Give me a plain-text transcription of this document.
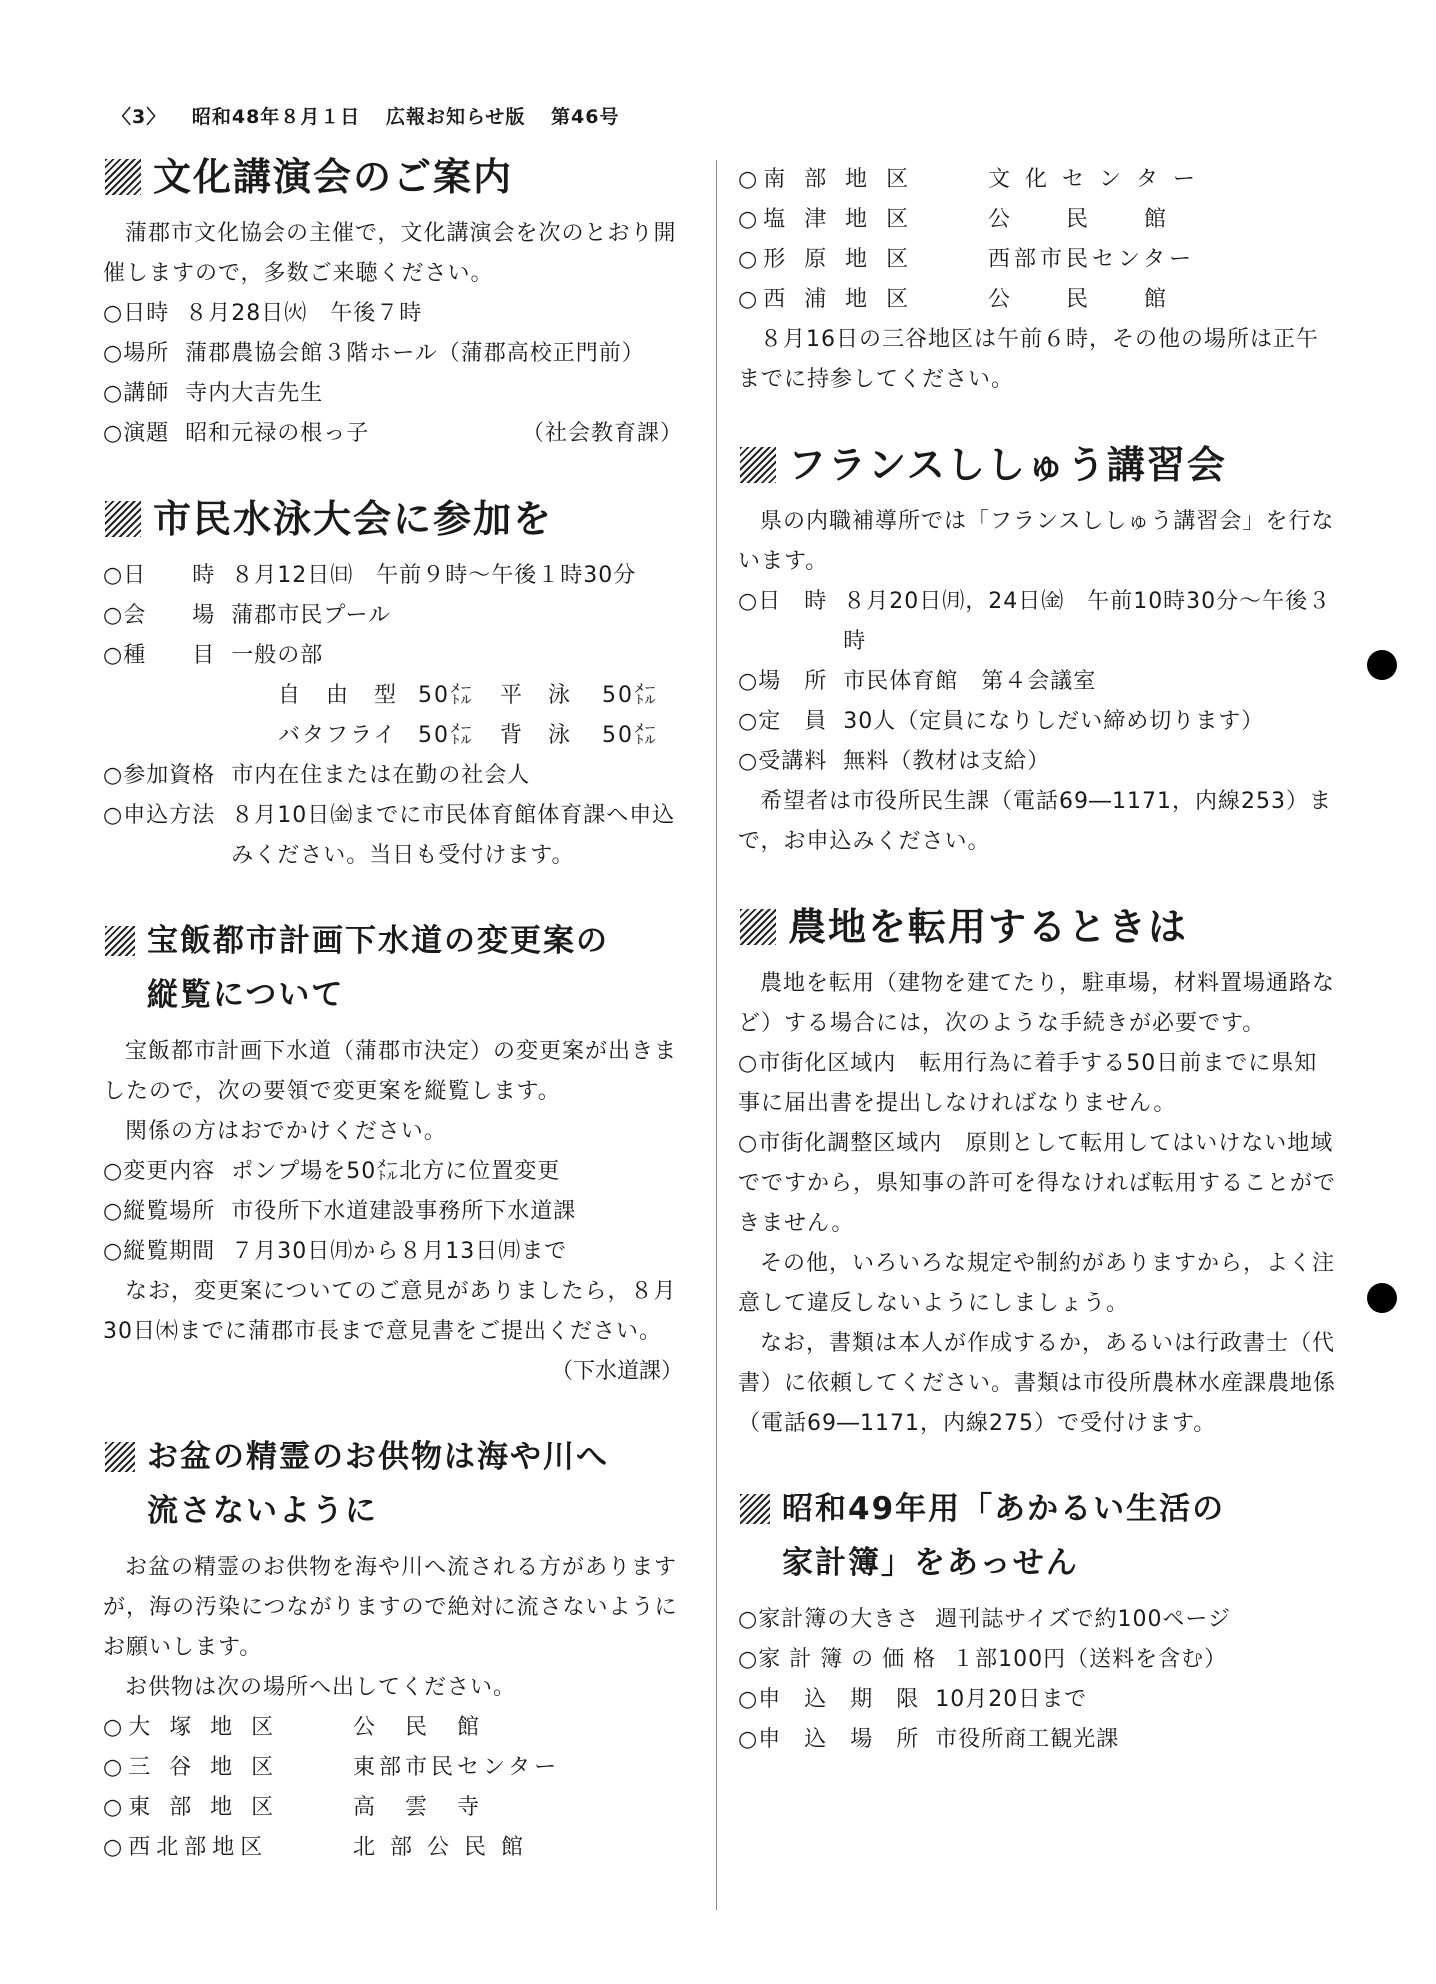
〈3〉 昭和48年８月１日 広報お知らせ版 第46号
文化講演会のご案内

蒲郡市文化協会の主催で，文化講演会を次のとおり開催しますので，多数ご来聴ください。

○日時 ８月28日㈫　午後７時
○場所 蒲郡農協会館３階ホール（蒲郡高校正門前）
○講師 寺内大吉先生
○演題 昭和元禄の根っ子	（社会教育課）
市民水泳大会に参加を
○日　　時 ８月12日㈰　午前９時～午後１時30分
○会　　場 蒲郡市民プール
○種　　目 一般の部
自　由　型 50㍍ 平　泳 50㍍
バタフライ 50㍍ 背　泳 50㍍
○参加資格 市内在住または在勤の社会人
○申込方法 ８月10日㈮までに市民体育館体育課へ申込みください。当日も受付けます。
宝飯都市計画下水道の変更案の
縦覧について

宝飯都市計画下水道（蒲郡市決定）の変更案が出きましたので，次の要領で変更案を縦覧します。

関係の方はおでかけください。

○変更内容 ポンプ場を50㍍北方に位置変更
○縦覧場所 市役所下水道建設事務所下水道課
○縦覧期間 ７月30日㈪から８月13日㈪まで

なお，変更案についてのご意見がありましたら，８月30日㈭までに蒲郡市長まで意見書をご提出ください。

（下水道課）
お盆の精霊のお供物は海や川へ
流さないように

お盆の精霊のお供物を海や川へ流される方がありますが，海の汚染につながりますので絶対に流さないようにお願いします。

お供物は次の場所へ出してください。

○大 塚 地 区	公　民　館
○三 谷 地 区	東部市民センター
○東 部 地 区	高　雲　寺
○西北部地区	北 部 公 民 館
○南 部 地 区	文 化 セ ン タ ー
○塩 津 地 区	公　　民　　館
○形 原 地 区	西部市民センター
○西 浦 地 区	公　　民　　館

８月16日の三谷地区は午前６時，その他の場所は正午までに持参してください。

フランスししゅう講習会

県の内職補導所では「フランスししゅう講習会」を行ないます。

○日　時 ８月20日㈪，24日㈮　午前10時30分～午後３時
○場　所 市民体育館　第４会議室
○定　員 30人（定員になりしだい締め切ります）
○受講料 無料（教材は支給）

希望者は市役所民生課（電話69―1171，内線253）まで，お申込みください。

農地を転用するときは

農地を転用（建物を建てたり，駐車場，材料置場通路など）する場合には，次のような手続きが必要です。

○市街化区域内　転用行為に着手する50日前までに県知事に届出書を提出しなければなりません。

○市街化調整区域内　原則として転用してはいけない地域でですから，県知事の許可を得なければ転用することができません。

その他，いろいろな規定や制約がありますから，よく注意して違反しないようにしましょう。

なお，書類は本人が作成するか，あるいは行政書士（代書）に依頼してください。書類は市役所農林水産課農地係（電話69―1171，内線275）で受付けます。

昭和49年用「あかるい生活の
家計簿」をあっせん
○家計簿の大きさ 週刊誌サイズで約100ページ
○家 計 簿 の 価 格 １部100円（送料を含む）
○申　込　期　限 10月20日まで
○申　込　場　所 市役所商工観光課
